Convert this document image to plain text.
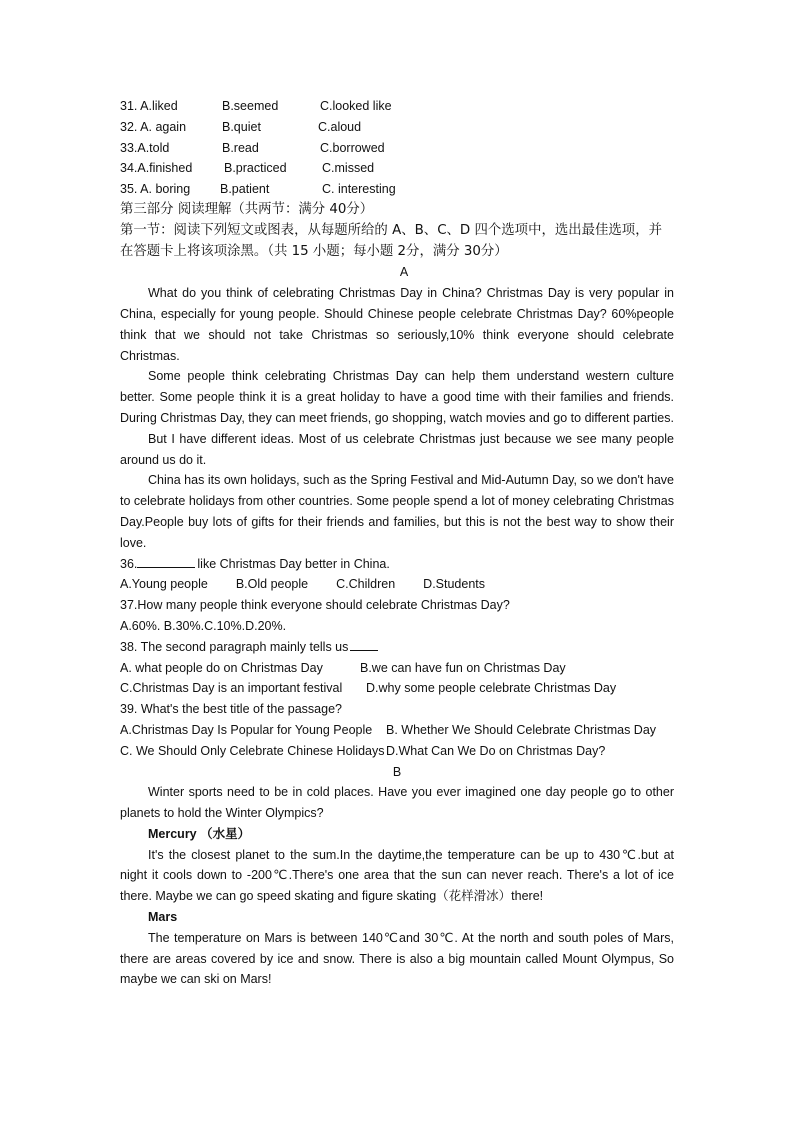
31. A.liked	B.seemed	C.looked like
32. A. again	B.quiet	C.aloud
33.A.told	B.read	C.borrowed
34.A.finished	B.practiced	C.missed
35. A. boring B.patient	C. interesting
第三部分 阅读理解（共两节：满分 40分）
第一节：阅读下列短文或图表，从每题所给的 A、B、C、D 四个选项中，选出最佳选项，并
在答题卡上将该项涂黑。（共 15 小题；每小题 2分，满分 30分）
A

What do you think of celebrating Christmas Day in China? Christmas Day is very popular in China, especially for young people. Should Chinese people celebrate Christmas Day? 60%people think that we should not take Christmas so seriously,10% think everyone should celebrate Christmas.

Some people think celebrating Christmas Day can help them understand western culture better. Some people think it is a great holiday to have a good time with their families and friends. During Christmas Day, they can meet friends, go shopping, watch movies and go to different parties.

But I have different ideas. Most of us celebrate Christmas just because we see many people around us do it.

China has its own holidays, such as the Spring Festival and Mid-Autumn Day, so we don't have to celebrate holidays from other countries. Some people spend a lot of money celebrating Christmas Day.People buy lots of gifts for their friends and families, but this is not the best way to show their love.

36.	like Christmas Day better in China.
A.Young people B.Old people C.Children D.Students
37.How many people think everyone should celebrate Christmas Day?
A.60%. B.30%.C.10%.D.20%.
38. The second paragraph mainly tells us
A. what people do on Christmas Day	B.we can have fun on Christmas Day
C.Christmas Day is an important festival D.why some people celebrate Christmas Day
39. What's the best title of the passage?
A.Christmas Day Is Popular for Young People B. Whether We Should Celebrate Christmas Day
C. We Should Only Celebrate Chinese Holidays D.What Can We Do on Christmas Day?
B

Winter sports need to be in cold places. Have you ever imagined one day people go to other planets to hold the Winter Olympics?

Mercury （水星）

It's the closest planet to the sum.In the daytime,the temperature can be up to 430℃.but at night it cools down to -200℃.There's one area that the sun can never reach. There's a lot of ice there. Maybe we can go speed skating and figure skating（花样滑冰）there!

Mars

The temperature on Mars is between 140℃and 30℃. At the north and south poles of Mars, there are areas covered by ice and snow. There is also a big mountain called Mount Olympus, So maybe we can ski on Mars!
